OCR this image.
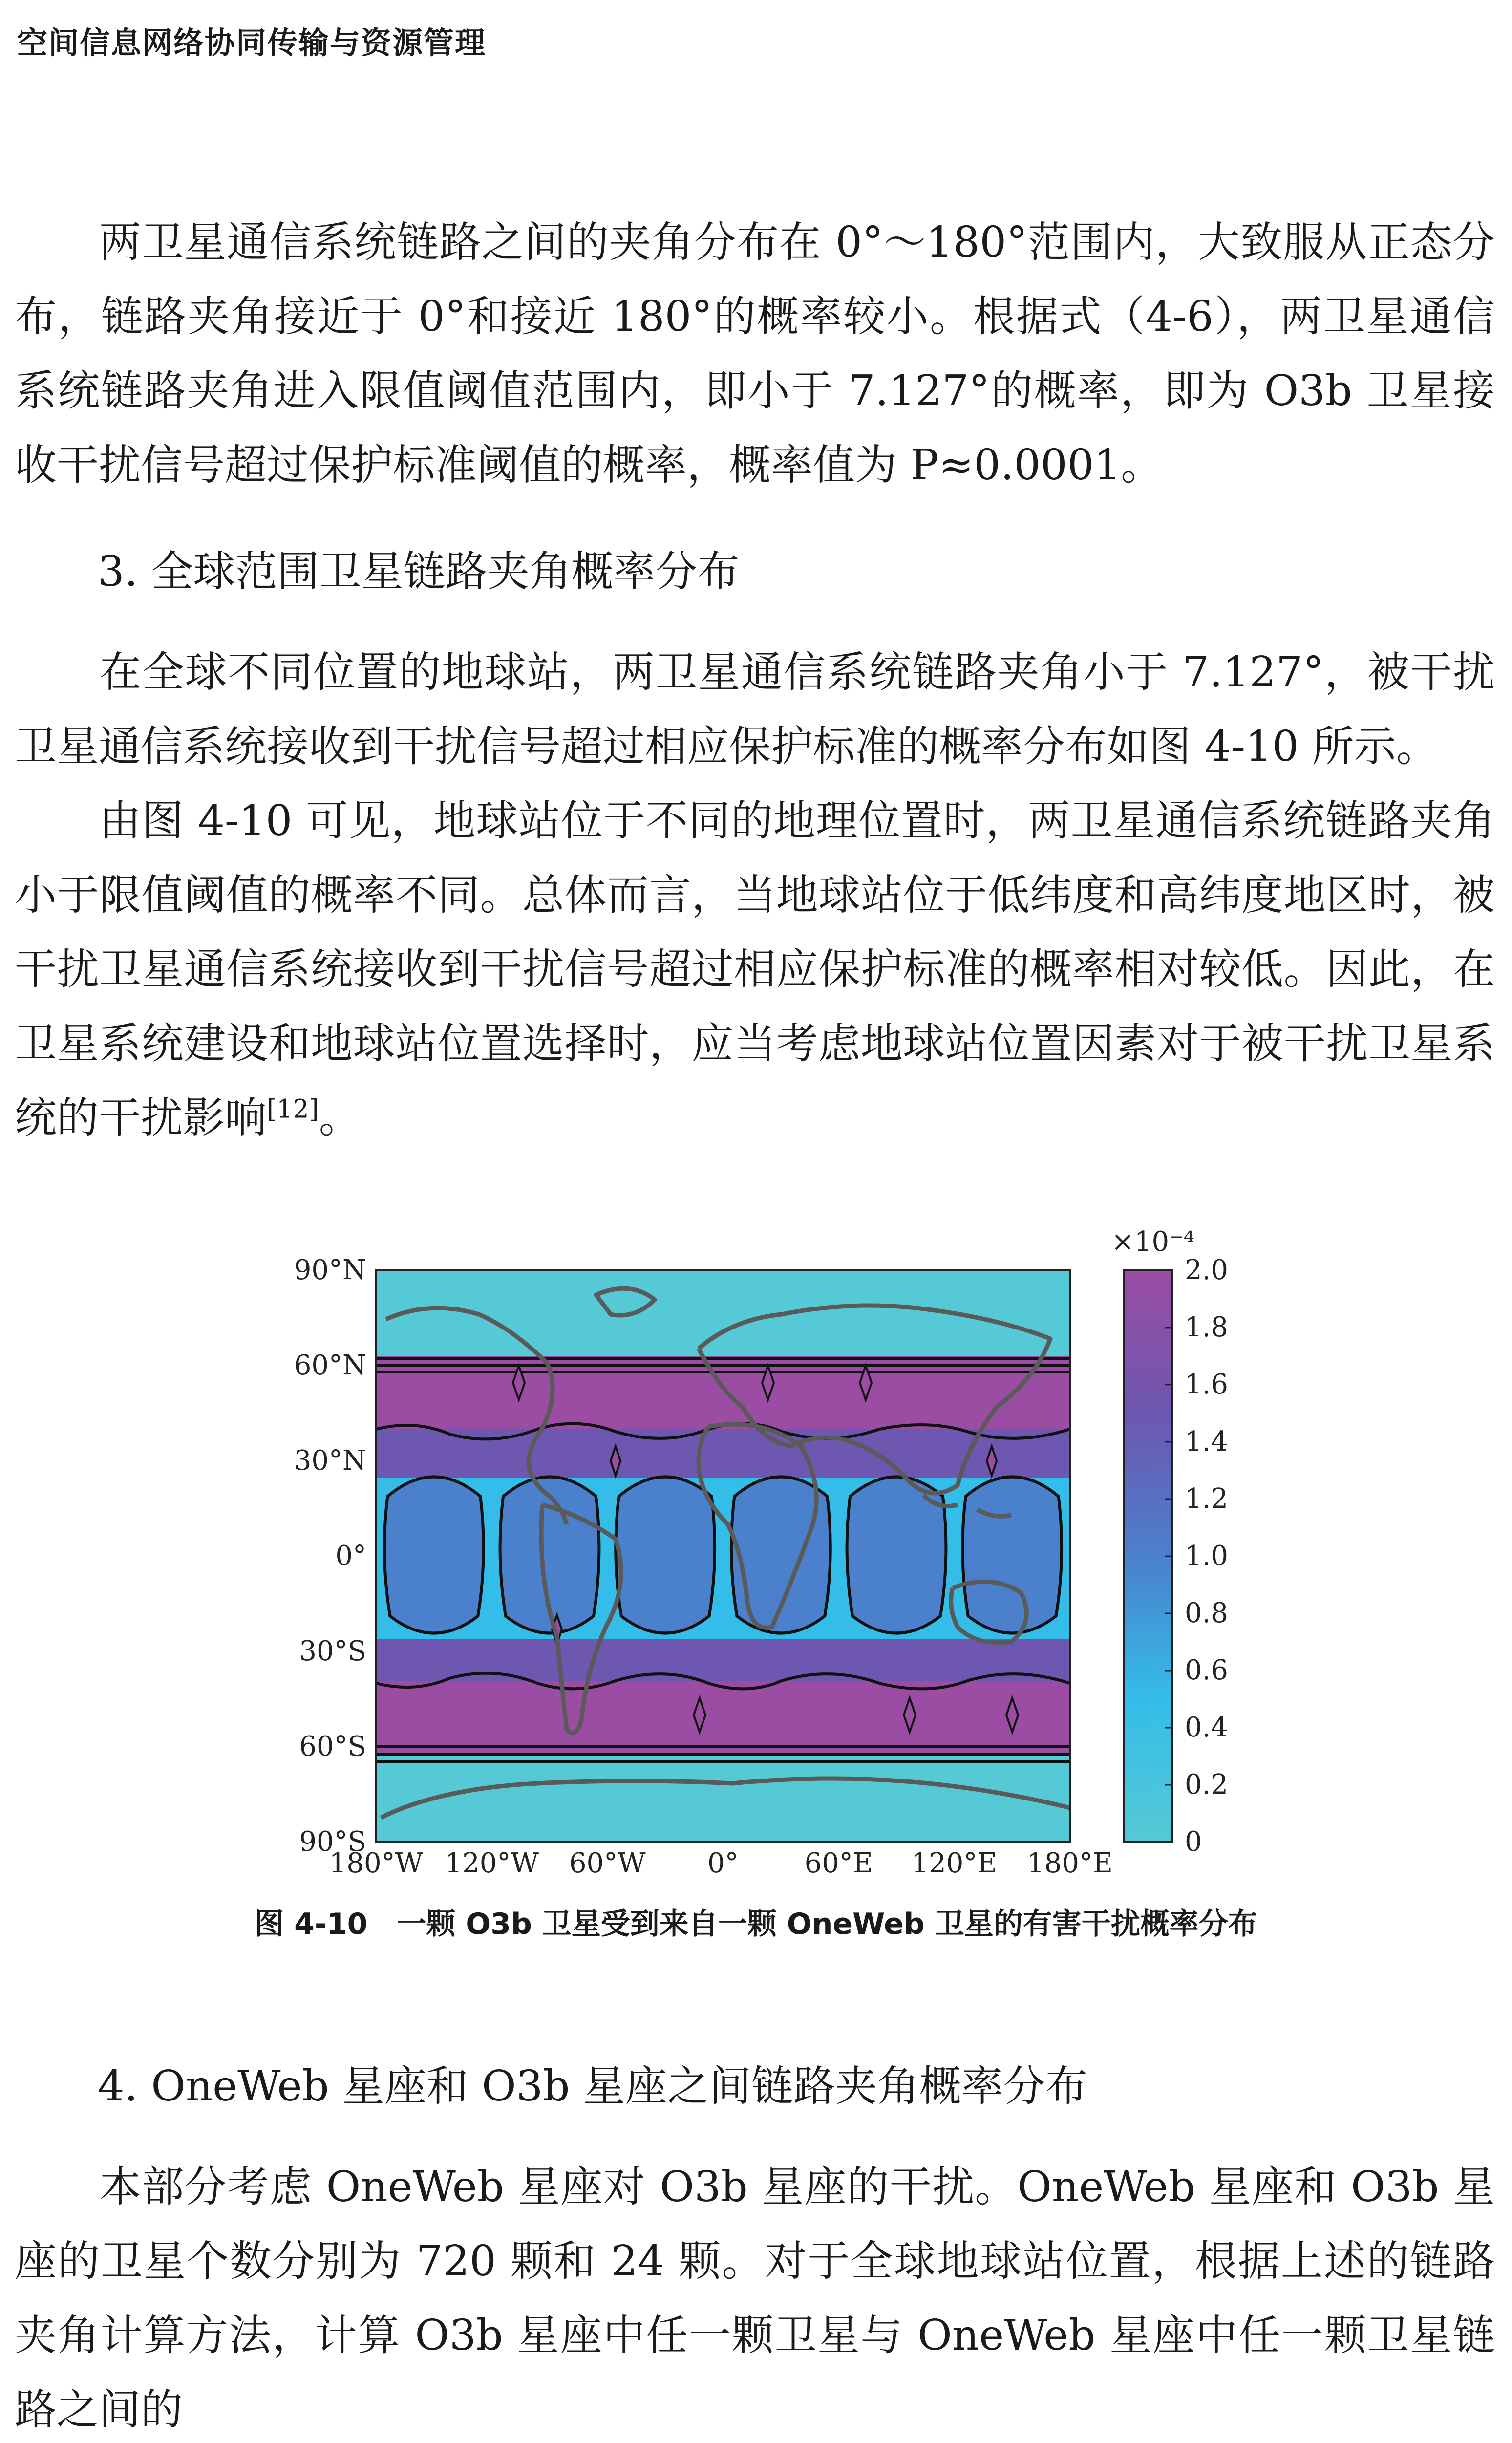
空间信息网络协同传输与资源管理

两卫星通信系统链路之间的夹角分布在 0°～180°范围内，大致服从正态分布，链路夹角接近于 0°和接近 180°的概率较小。根据式（4-6），两卫星通信系统链路夹角进入限值阈值范围内，即小于 7.127°的概率，即为 O3b 卫星接收干扰信号超过保护标准阈值的概率，概率值为 P≈0.0001。

3. 全球范围卫星链路夹角概率分布

在全球不同位置的地球站，两卫星通信系统链路夹角小于 7.127°，被干扰卫星通信系统接收到干扰信号超过相应保护标准的概率分布如图 4-10 所示。

由图 4-10 可见，地球站位于不同的地理位置时，两卫星通信系统链路夹角小于限值阈值的概率不同。总体而言，当地球站位于低纬度和高纬度地区时，被干扰卫星通信系统接收到干扰信号超过相应保护标准的概率相对较低。因此，在卫星系统建设和地球站位置选择时，应当考虑地球站位置因素对于被干扰卫星系统的干扰影响[12]。

90°N
60°N
30°N
0°
30°S
60°S
90°S
180°W 120°W 60°W 0° 60°E 120°E 180°E
×10⁻⁴
2.0
1.8
1.6
1.4
1.2
1.0
0.8
0.6
0.4
0.2
0
图 4-10　一颗 O3b 卫星受到来自一颗 OneWeb 卫星的有害干扰概率分布

4. OneWeb 星座和 O3b 星座之间链路夹角概率分布

本部分考虑 OneWeb 星座对 O3b 星座的干扰。OneWeb 星座和 O3b 星座的卫星个数分别为 720 颗和 24 颗。对于全球地球站位置，根据上述的链路夹角计算方法，计算 O3b 星座中任一颗卫星与 OneWeb 星座中任一颗卫星链路之间的
